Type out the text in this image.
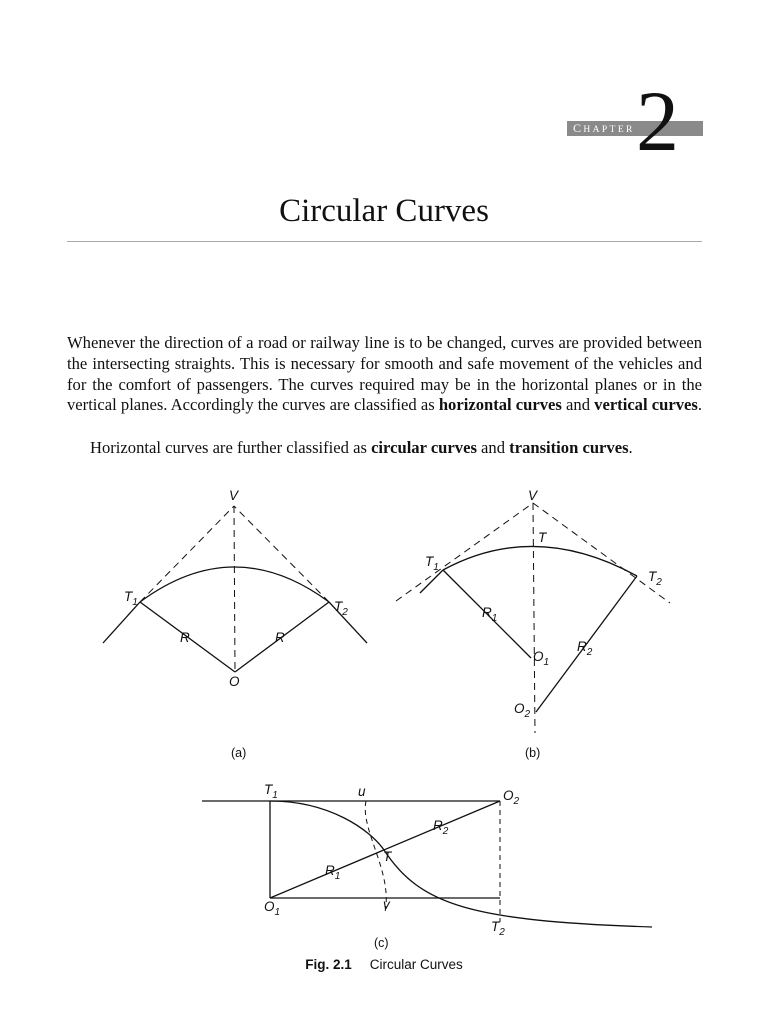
CHAPTER 2
Circular Curves

Whenever the direction of a road or railway line is to be changed, curves are provided between the intersecting straights. This is necessary for smooth and safe movement of the vehicles and for the comfort of passengers. The curves required may be in the horizontal planes or in the vertical planes. Accordingly the curves are classified as horizontal curves and vertical curves.

Horizontal curves are further classified as circular curves and transition curves.

V
$T_1$	$T_2$
R	R
O
V
T
$T_1$
$T_2$
$R_1$
$O_1$
$R_2$
$O_2$
$T_1$	u	$O_2$
$R_2$
T
$R_1$
$O_1$
v
$T_2$
(a)	(b)
(c)
Fig. 2.1 Circular Curves
